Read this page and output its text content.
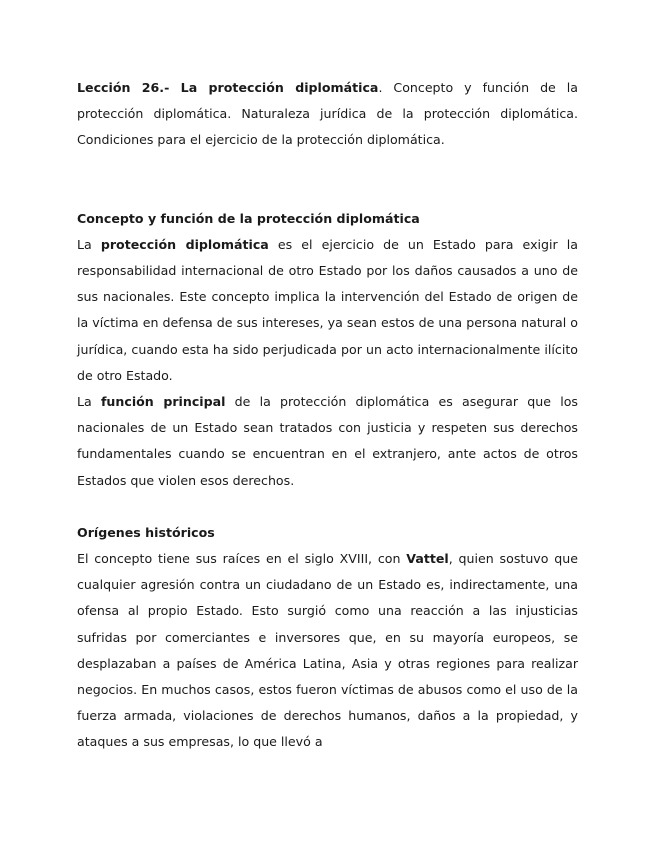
Lección 26.- La protección diplomática. Concepto y función de la protección diplomática. Naturaleza jurídica de la protección diplomática. Condiciones para el ejercicio de la protección diplomática.

Concepto y función de la protección diplomática

La protección diplomática es el ejercicio de un Estado para exigir la responsabilidad internacional de otro Estado por los daños causados a uno de sus nacionales. Este concepto implica la intervención del Estado de origen de la víctima en defensa de sus intereses, ya sean estos de una persona natural o jurídica, cuando esta ha sido perjudicada por un acto internacionalmente ilícito de otro Estado.

La función principal de la protección diplomática es asegurar que los nacionales de un Estado sean tratados con justicia y respeten sus derechos fundamentales cuando se encuentran en el extranjero, ante actos de otros Estados que violen esos derechos.

Orígenes históricos

El concepto tiene sus raíces en el siglo XVIII, con Vattel, quien sostuvo que cualquier agresión contra un ciudadano de un Estado es, indirectamente, una ofensa al propio Estado. Esto surgió como una reacción a las injusticias sufridas por comerciantes e inversores que, en su mayoría europeos, se desplazaban a países de América Latina, Asia y otras regiones para realizar negocios. En muchos casos, estos fueron víctimas de abusos como el uso de la fuerza armada, violaciones de derechos humanos, daños a la propiedad, y ataques a sus empresas, lo que llevó a
